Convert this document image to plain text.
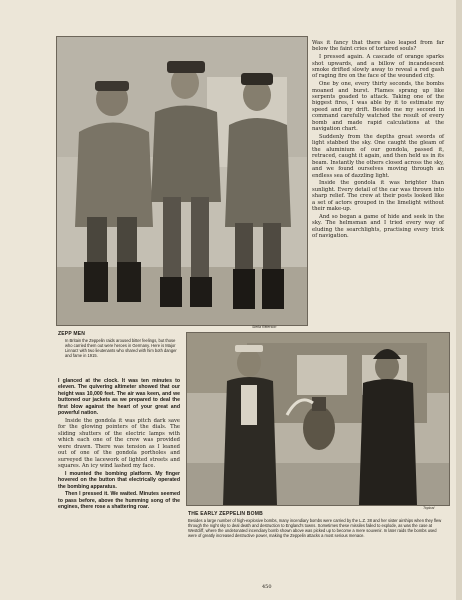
Stella Ritterson
ZEPP MEN
In Britain the Zeppelin raids aroused bitter feelings, but those who carried them out were heroes in Germany. Here is Major Linnarz with two lieutenants who shared with him both danger and fame in 1915.

I glanced at the clock. It was ten minutes to eleven. The quivering altimeter showed that our height was 10,000 feet. The air was keen, and we buttoned our jackets as we prepared to deal the first blow against the heart of your great and powerful nation.

Inside the gondola it was pitch dark save for the glowing pointers of the dials. The sliding shutters of the electric lamps with which each one of the crew was provided were drawn. There was tension as I leaned out of one of the gondola portholes and surveyed the lacework of lighted streets and squares. An icy wind lashed my face.

I mounted the bombing platform. My finger hovered on the button that electrically operated the bombing apparatus.

Then I pressed it. We waited. Minutes seemed to pass before, above the humming song of the engines, there rose a shattering roar.

Was it fancy that there also leaped from far below the faint cries of tortured souls?

I pressed again. A cascade of orange sparks shot upwards, and a billow of incandescent smoke drifted slowly away to reveal a red gash of raging fire on the face of the wounded city.

One by one, every thirty seconds, the bombs moaned and burst. Flames sprang up like serpents goaded to attack. Taking one of the biggest fires, I was able by it to estimate my speed and my drift. Beside me my second in command carefully watched the result of every bomb and made rapid calculations at the navigation chart.

Suddenly from the depths great swords of light stabbed the sky. One caught the gleam of the aluminium of our gondola, passed it, retraced, caught it again, and then held us in its beam. Instantly the others closed across the sky, and we found ourselves moving through an endless sea of dazzling light.

Inside the gondola it was brighter than sunlight. Every detail of the car was thrown into sharp relief. The crew at their posts looked like a set of actors grouped in the limelight without their make-up.

And so began a game of hide and seek in the sky. The helmsman and I tried every way of eluding the searchlights, practising every trick of navigation.

Topical
THE EARLY ZEPPELIN BOMB
Besides a large number of high-explosive bombs, many incendiary bombs were carried by the L.Z. 38 and her sister airships when they flew through the night sky to deal death and destruction to England's towns. Sometimes these missiles failed to explode, as was the case at Westcliff, where the undetonated incendiary bomb shown above was picked up to become a mere souvenir. In later raids the bombs used were of greatly increased destructive power, making the Zeppelin attacks a most serious menace.
450
